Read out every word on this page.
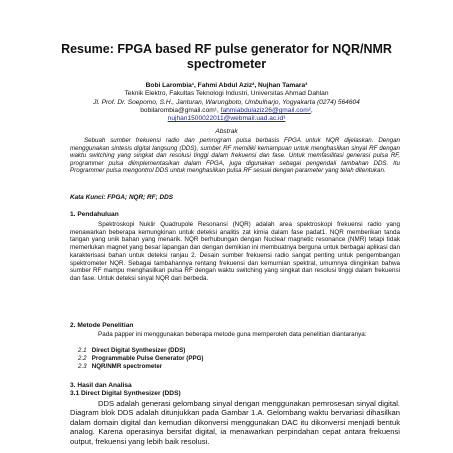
Resume: FPGA based RF pulse generator for NQR/NMR
spectrometer
Bobi Larombia¹, Fahmi Abdul Aziz², Nujhan Tamara³
Teknik Elektro, Fakultas Teknologi Industri, Universitas Ahmad Dahlan
Jl. Prof. Dr. Soepomo, S.H., Janturan, Warungboto, Umbulharjo, Yogyakarta (0274) 564604
bobilarombia@gmail.com¹, fahmiabdulaziz26@gmail.com²,
nujhan1500022011@webmail.uad.ac.id³
Abstrak
Sebuah sumber frekuensi radio dan pemrogram pulsa berbasis FPGA untuk NQR dijelaskan. Dengan menggunakan sintesis digital langsung (DDS), sumber RF memiliki kemampuan untuk menghasilkan sinyal RF dengan waktu switching yang singkat dan resolusi tinggi dalam frekuensi dan fase. Untuk memfasilitasi generasi pulsa RF, programmer pulsa diimplementasikan dalam FPGA, juga digunakan sebagai pengendali tambahan DDS. Itu Programmer pulsa mengontrol DDS untuk menghasilkan pulsa RF sesuai dengan parameter yang telah ditentukan.
Kata Kunci: FPGA; NQR; RF; DDS
1. Pendahuluan
Spektroskopi Nuklir Quadrupole Resonansi (NQR) adalah area spektroskopi frekuensi radio yang menawarkan beberapa kemungkinan untuk deteksi analitis zat kimia dalam fase padat1. NQR memberikan tanda tangan yang unik bahan yang menarik. NQR berhubungan dengan Nuclear magnetic resonance (NMR) tetapi tidak memerlukan magnet yang besar lapangan dan dengan demikian ini membuatnya berguna untuk berbagai aplikasi dan karakterisasi bahan untuk deteksi ranjau 2. Desain sumber frekuensi radio sangat penting untuk pengembangan spektrometer NQR. Sebagai tambahannya rentang frekuensi dan kemurnian spektral, umumnya diinginkan bahwa sumber RF mampu menghasilkan pulsa RF dengan waktu switching yang singkat dan resolusi tinggi dalam frekuensi dan fase. Untuk deteksi sinyal NQR dari berbeda.
2. Metode Penelitian
Pada papper ini menggunakan beberapa metode guna memperoleh data penelitian diantaranya:
2.1 Direct Digital Synthesizer (DDS)
2.2 Programmable Pulse Generator (PPG)
2.3 NQR/NMR spectrometer
3. Hasil dan Analisa
3.1 Direct Digital Synthesizer (DDS)
DDS adalah generasi gelombang sinyal dengan menggunakan pemrosesan sinyal digital. Diagram blok DDS adalah ditunjukkan pada Gambar 1.A. Gelombang waktu bervariasi dihasilkan dalam domain digital dan kemudian dikonversi menggunakan DAC itu dikonversi menjadi bentuk analog. Karena operasinya bersifat digital, ia menawarkan perpindahan cepat antara frekuensi output, frekuensi yang lebih baik resolusi.
